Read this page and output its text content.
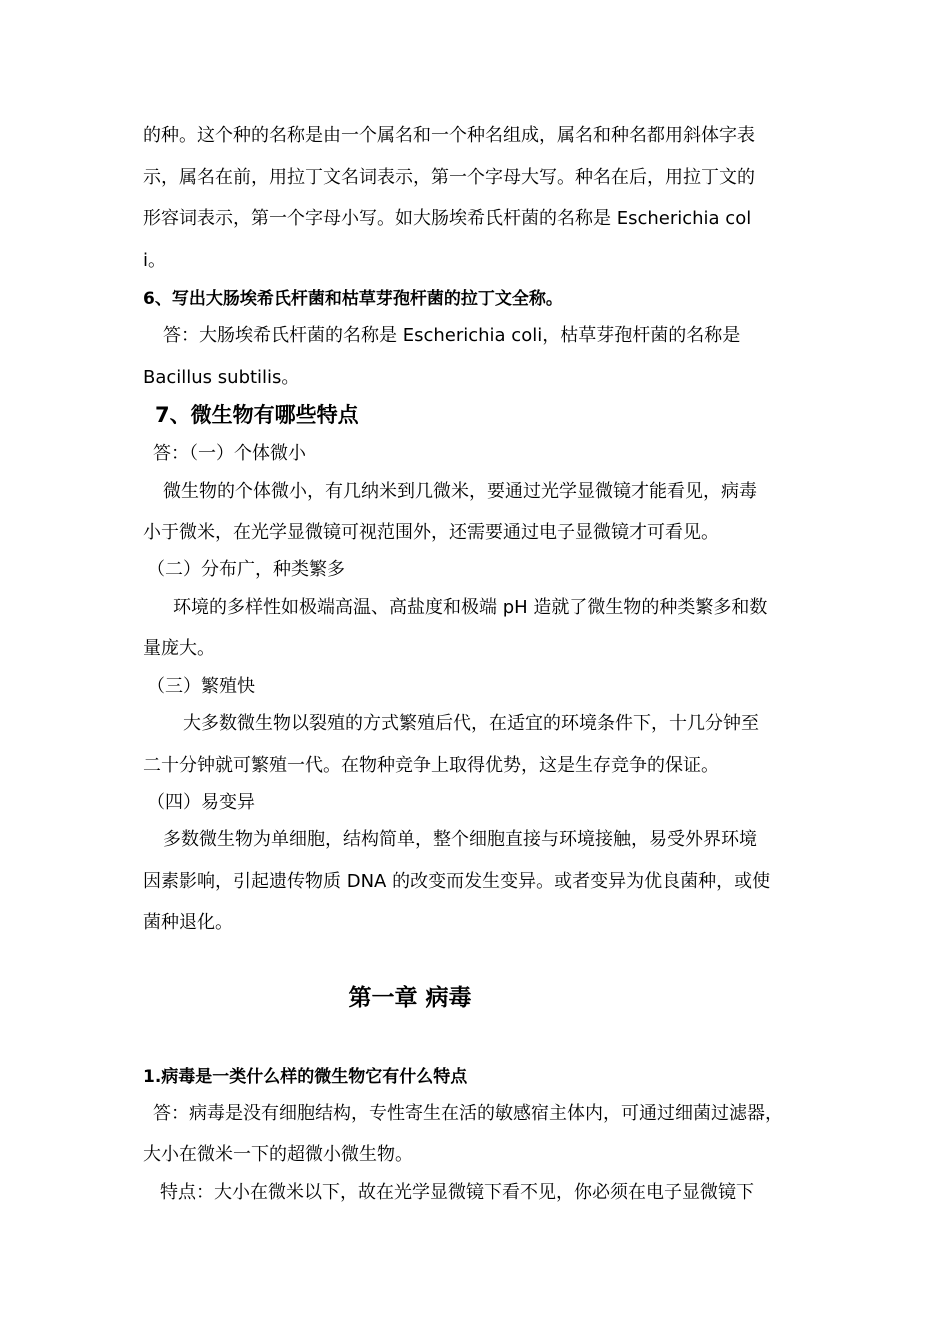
的种。这个种的名称是由一个属名和一个种名组成，属名和种名都用斜体字表
示，属名在前，用拉丁文名词表示，第一个字母大写。种名在后，用拉丁文的
形容词表示，第一个字母小写。如大肠埃希氏杆菌的名称是 Escherichia col
i。
6、写出大肠埃希氏杆菌和枯草芽孢杆菌的拉丁文全称。
答：大肠埃希氏杆菌的名称是 Escherichia coli，枯草芽孢杆菌的名称是
Bacillus subtilis。
7、微生物有哪些特点
答：（一）个体微小
微生物的个体微小，有几纳米到几微米，要通过光学显微镜才能看见，病毒
小于微米，在光学显微镜可视范围外，还需要通过电子显微镜才可看见。
（二）分布广，种类繁多
环境的多样性如极端高温、高盐度和极端 pH 造就了微生物的种类繁多和数
量庞大。
（三）繁殖快
大多数微生物以裂殖的方式繁殖后代，在适宜的环境条件下，十几分钟至
二十分钟就可繁殖一代。在物种竞争上取得优势，这是生存竞争的保证。
（四）易变异
多数微生物为单细胞，结构简单，整个细胞直接与环境接触，易受外界环境
因素影响，引起遗传物质 DNA 的改变而发生变异。或者变异为优良菌种，或使
菌种退化。
第一章 病毒
1.病毒是一类什么样的微生物它有什么特点
答：病毒是没有细胞结构，专性寄生在活的敏感宿主体内，可通过细菌过滤器，
大小在微米一下的超微小微生物。
特点：大小在微米以下，故在光学显微镜下看不见，你必须在电子显微镜下
